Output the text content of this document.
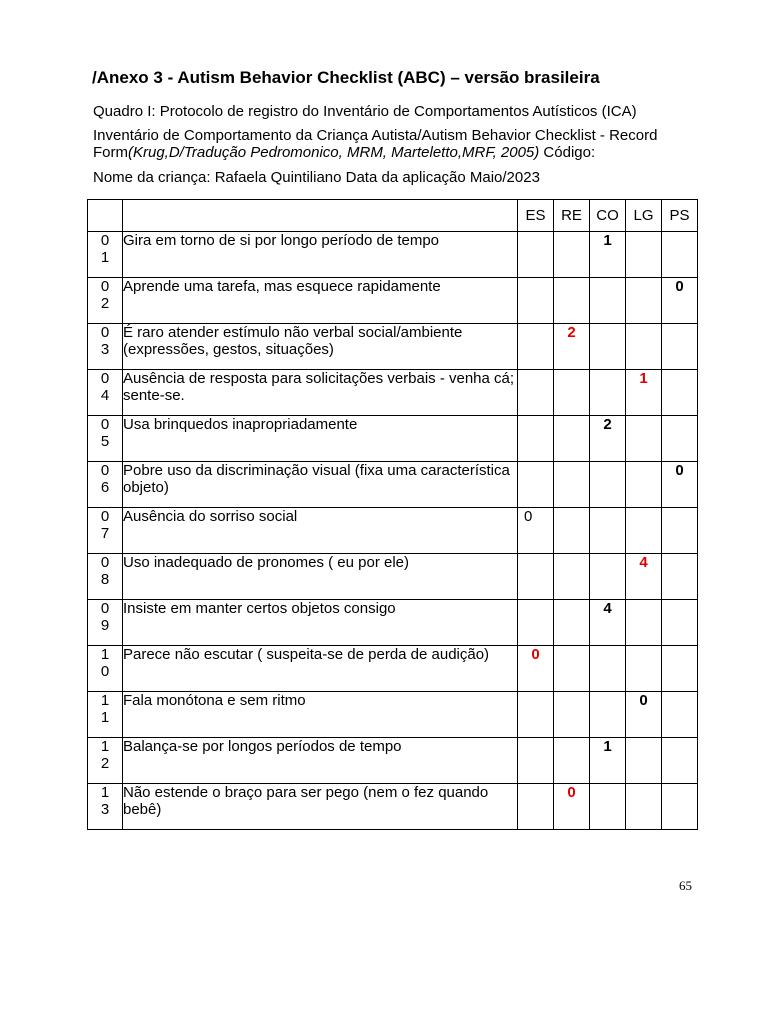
/Anexo 3 - Autism Behavior Checklist (ABC) – versão brasileira
Quadro I: Protocolo de registro do Inventário de Comportamentos Autísticos (ICA)
Inventário de Comportamento da Criança Autista/Autism Behavior Checklist - Record
Form(Krug,D/Tradução Pedromonico, MRM, Marteletto,MRF, 2005) Código:
Nome da criança: Rafaela Quintiliano Data da aplicação Maio/2023
		ES	RE	CO	LG	PS

0
1	Gira em torno de si por longo período de tempo			1		

0
2	Aprende uma tarefa, mas esquece rapidamente					0

0
3	É raro atender estímulo não verbal social/ambiente (expressões, gestos, situações)		2			

0
4	Ausência de resposta para solicitações verbais - venha cá; sente-se.				1	

0
5	Usa brinquedos inapropriadamente			2		

0
6	Pobre uso da discriminação visual (fixa uma característica objeto)					0

0
7	Ausência do sorriso social	0				

0
8	Uso inadequado de pronomes ( eu por ele)				4	

0
9	Insiste em manter certos objetos consigo			4		

1
0	Parece não escutar ( suspeita-se de perda de audição)	0				

1
1	Fala monótona e sem ritmo				0	

1
2	Balança-se por longos períodos de tempo			1		

1
3	Não estende o braço para ser pego (nem o fez quando bebê)		0			
65
